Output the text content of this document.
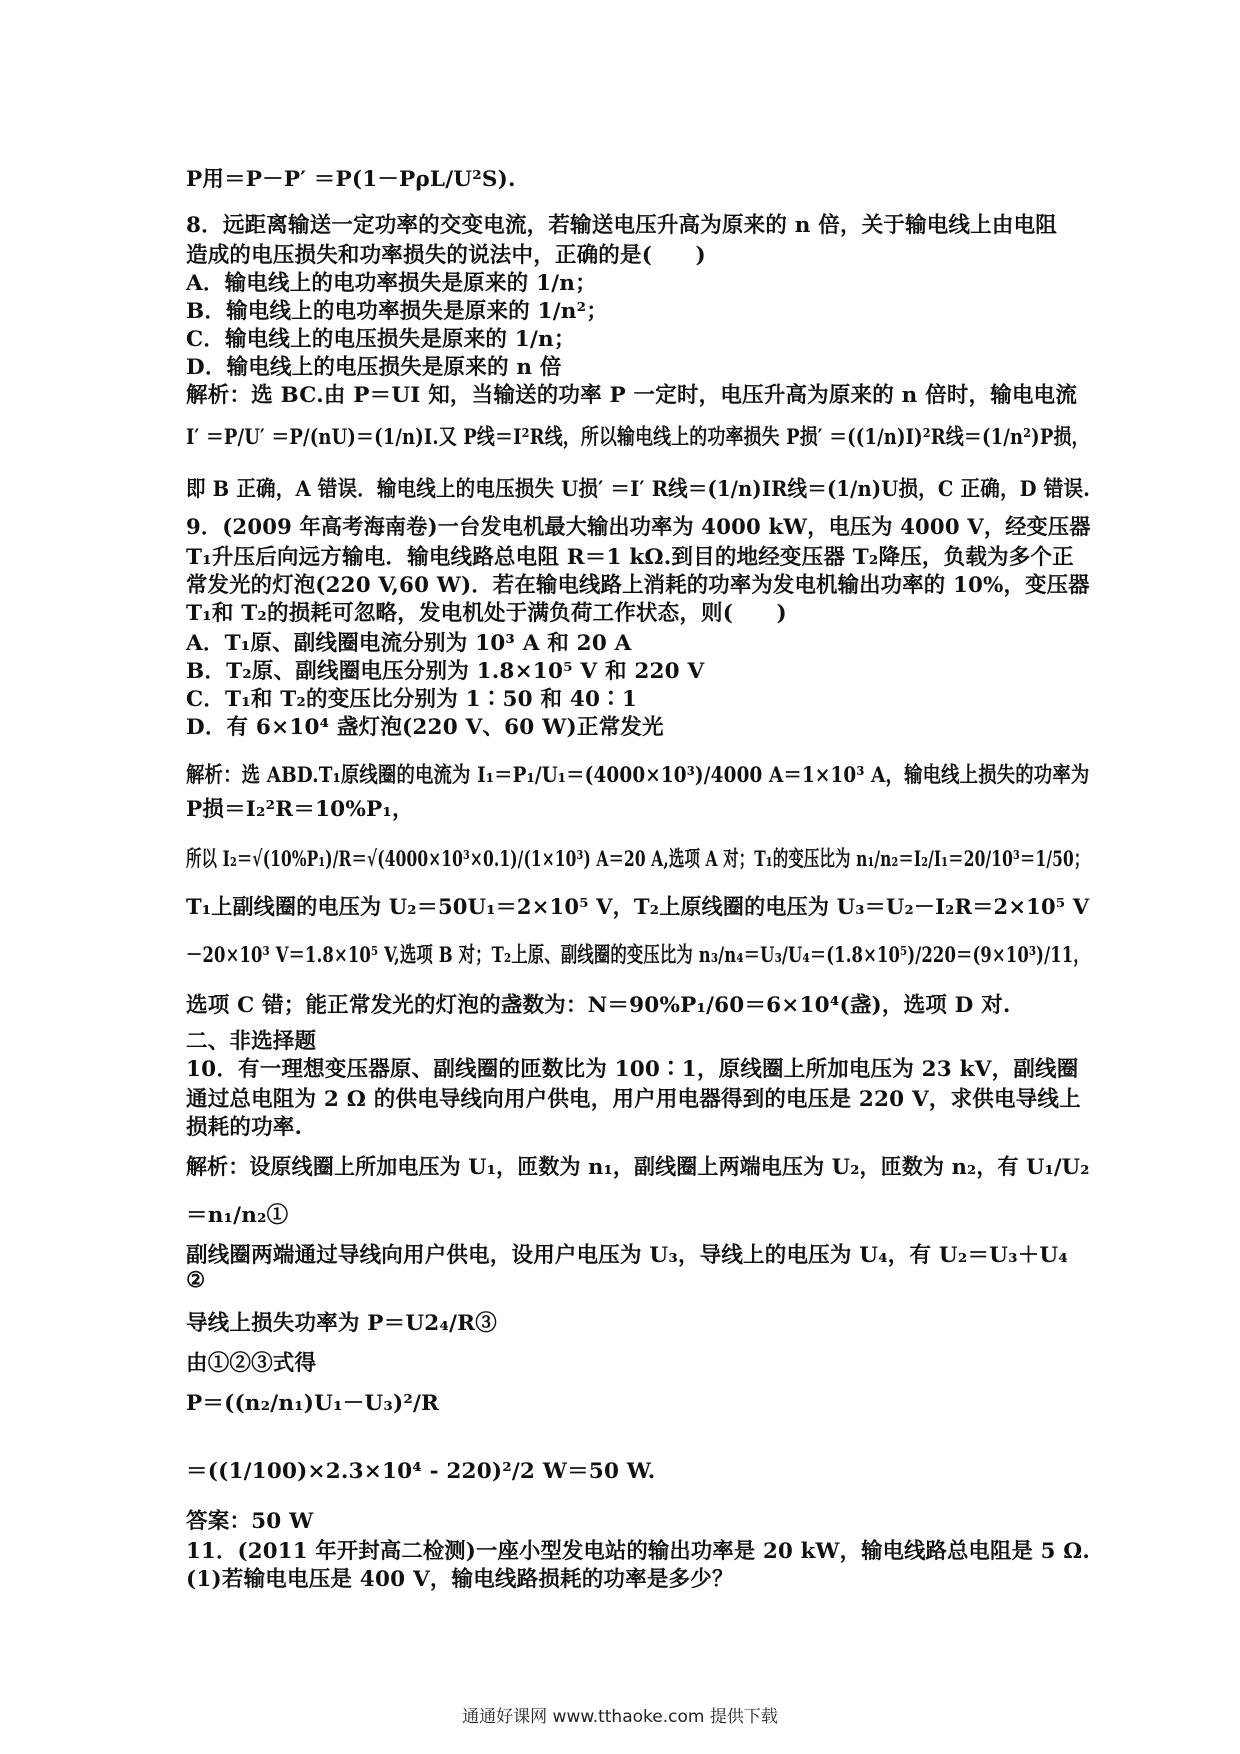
P用＝P－P′ ＝P(1－PρL/U²S).
8．远距离输送一定功率的交变电流，若输送电压升高为原来的 n 倍，关于输电线上由电阻
造成的电压损失和功率损失的说法中，正确的是(　　)
A．输电线上的电功率损失是原来的 1/n；
B．输电线上的电功率损失是原来的 1/n²；
C．输电线上的电压损失是原来的 1/n；
D．输电线上的电压损失是原来的 n 倍
解析：选 BC.由 P＝UI 知，当输送的功率 P 一定时，电压升高为原来的 n 倍时，输电电流
I′ ＝P/U′ ＝P/(nU)＝(1/n)I.又 P线＝I²R线，所以输电线上的功率损失 P损′ ＝((1/n)I)²R线＝(1/n²)P损，
即 B 正确，A 错误．输电线上的电压损失 U损′ ＝I′ R线＝(1/n)IR线＝(1/n)U损，C 正确，D 错误.
9．(2009 年高考海南卷)一台发电机最大输出功率为 4000 kW，电压为 4000 V，经变压器
T₁升压后向远方输电．输电线路总电阻 R＝1 kΩ.到目的地经变压器 T₂降压，负载为多个正
常发光的灯泡(220 V,60 W)．若在输电线路上消耗的功率为发电机输出功率的 10%，变压器
T₁和 T₂的损耗可忽略，发电机处于满负荷工作状态，则(　　)
A．T₁原、副线圈电流分别为 10³ A 和 20 A
B．T₂原、副线圈电压分别为 1.8×10⁵ V 和 220 V
C．T₁和 T₂的变压比分别为 1∶50 和 40∶1
D．有 6×10⁴ 盏灯泡(220 V、60 W)正常发光
解析：选 ABD.T₁原线圈的电流为 I₁＝P₁/U₁＝(4000×10³)/4000 A＝1×10³ A，输电线上损失的功率为
P损＝I₂²R＝10%P₁，
所以 I₂＝√(10%P₁)/R＝√(4000×10³×0.1)/(1×10³) A＝20 A,选项 A 对；T₁的变压比为 n₁/n₂＝I₂/I₁＝20/10³＝1/50；
T₁上副线圈的电压为 U₂＝50U₁＝2×10⁵ V，T₂上原线圈的电压为 U₃＝U₂－I₂R＝2×10⁵ V
－20×10³ V＝1.8×10⁵ V,选项 B 对；T₂上原、副线圈的变压比为 n₃/n₄＝U₃/U₄＝(1.8×10⁵)/220＝(9×10³)/11，
选项 C 错；能正常发光的灯泡的盏数为：N＝90%P₁/60＝6×10⁴(盏)，选项 D 对.
二、非选择题
10．有一理想变压器原、副线圈的匝数比为 100∶1，原线圈上所加电压为 23 kV，副线圈
通过总电阻为 2 Ω 的供电导线向用户供电，用户用电器得到的电压是 220 V，求供电导线上
损耗的功率.
解析：设原线圈上所加电压为 U₁，匝数为 n₁，副线圈上两端电压为 U₂，匝数为 n₂，有 U₁/U₂
＝n₁/n₂①
副线圈两端通过导线向用户供电，设用户电压为 U₃，导线上的电压为 U₄，有 U₂＝U₃＋U₄
②
导线上损失功率为 P＝U2₄/R③
由①②③式得
P＝((n₂/n₁)U₁－U₃)²/R
＝((1/100)×2.3×10⁴ - 220)²/2 W＝50 W.
答案：50 W
11．(2011 年开封高二检测)一座小型发电站的输出功率是 20 kW，输电线路总电阻是 5 Ω.
(1)若输电电压是 400 V，输电线路损耗的功率是多少？
通通好课网 www.tthaoke.com 提供下载
